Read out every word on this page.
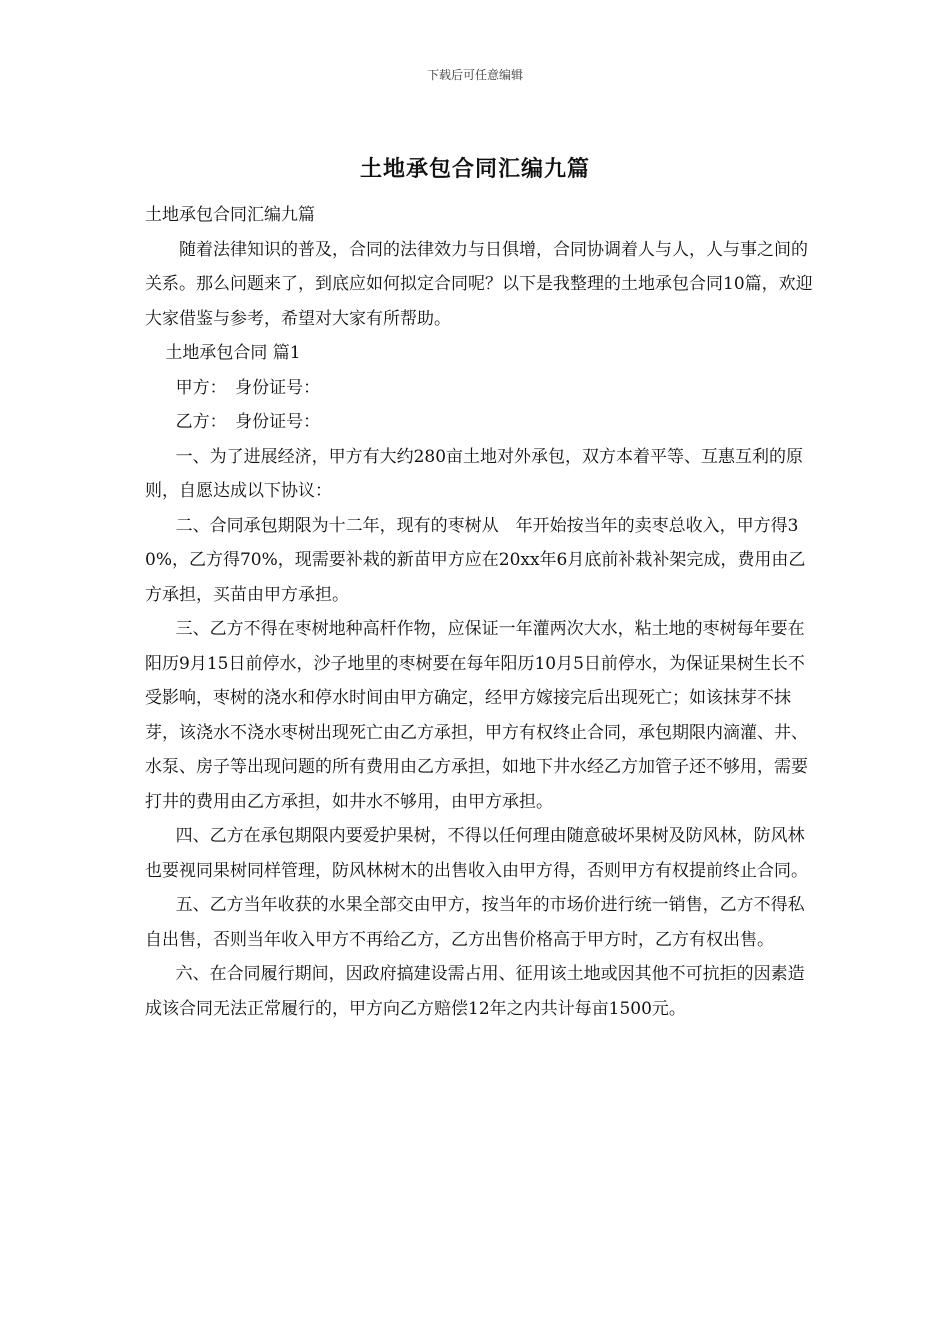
下载后可任意编辑
土地承包合同汇编九篇

土地承包合同汇编九篇

随着法律知识的普及，合同的法律效力与日俱增，合同协调着人与人，人与事之间的关系。那么问题来了，到底应如何拟定合同呢？以下是我整理的土地承包合同10篇，欢迎大家借鉴与参考，希望对大家有所帮助。

土地承包合同 篇1

甲方：　身份证号：

乙方：　身份证号：

一、为了进展经济，甲方有大约280亩土地对外承包，双方本着平等、互惠互利的原则，自愿达成以下协议：

二、合同承包期限为十二年，现有的枣树从　年开始按当年的卖枣总收入，甲方得30%，乙方得70%，现需要补栽的新苗甲方应在20xx年6月底前补栽补架完成，费用由乙方承担，买苗由甲方承担。

三、乙方不得在枣树地种高杆作物，应保证一年灌两次大水，粘土地的枣树每年要在阳历9月15日前停水，沙子地里的枣树要在每年阳历10月5日前停水，为保证果树生长不受影响，枣树的浇水和停水时间由甲方确定，经甲方嫁接完后出现死亡；如该抹芽不抹芽，该浇水不浇水枣树出现死亡由乙方承担，甲方有权终止合同，承包期限内滴灌、井、水泵、房子等出现问题的所有费用由乙方承担，如地下井水经乙方加管子还不够用，需要打井的费用由乙方承担，如井水不够用，由甲方承担。

四、乙方在承包期限内要爱护果树，不得以任何理由随意破坏果树及防风林，防风林也要视同果树同样管理，防风林树木的出售收入由甲方得，否则甲方有权提前终止合同。

五、乙方当年收获的水果全部交由甲方，按当年的市场价进行统一销售，乙方不得私自出售，否则当年收入甲方不再给乙方，乙方出售价格高于甲方时，乙方有权出售。

六、在合同履行期间，因政府搞建设需占用、征用该土地或因其他不可抗拒的因素造成该合同无法正常履行的，甲方向乙方赔偿12年之内共计每亩1500元。
